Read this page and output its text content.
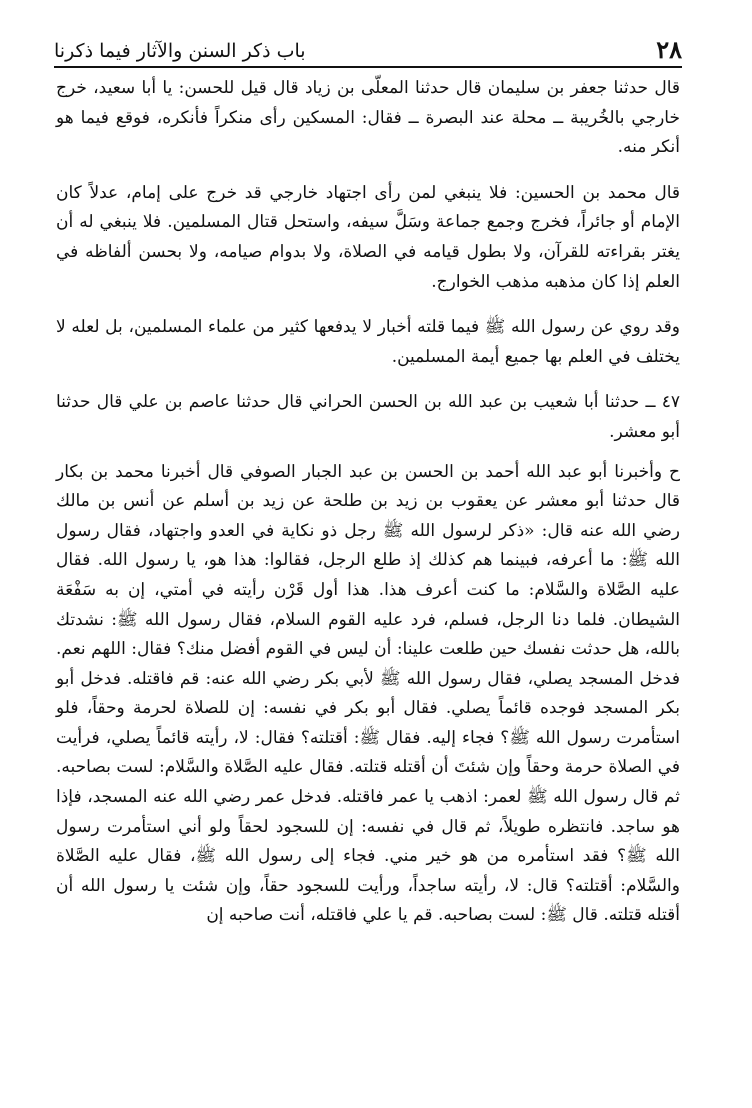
٢٨
باب ذكر السنن والآثار فيما ذكرنا

قال حدثنا جعفر بن سليمان قال حدثنا المعلّى بن زياد قال قيل للحسن: يا أبا سعيد، خرج خارجي بالخُريبة ــ محلة عند البصرة ــ فقال: المسكين رأى منكراً فأنكره، فوقع فيما هو أنكر منه.

قال محمد بن الحسين: فلا ينبغي لمن رأى اجتهاد خارجي قد خرج على إمام، عدلاً كان الإمام أو جائراً، فخرج وجمع جماعة وسَلَّ سيفه، واستحل قتال المسلمين. فلا ينبغي له أن يغتر بقراءته للقرآن، ولا بطول قيامه في الصلاة، ولا بدوام صيامه، ولا بحسن ألفاظه في العلم إذا كان مذهبه مذهب الخوارج.

وقد روي عن رسول الله ﷺ فيما قلته أخبار لا يدفعها كثير من علماء المسلمين، بل لعله لا يختلف في العلم بها جميع أيمة المسلمين.

٤٧ ــ حدثنا أبا شعيب بن عبد الله بن الحسن الحراني قال حدثنا عاصم بن علي قال حدثنا أبو معشر.

ح وأخبرنا أبو عبد الله أحمد بن الحسن بن عبد الجبار الصوفي قال أخبرنا محمد بن بكار قال حدثنا أبو معشر عن يعقوب بن زيد بن طلحة عن زيد بن أسلم عن أنس بن مالك رضي الله عنه قال: «ذكر لرسول الله ﷺ رجل ذو نكاية في العدو واجتهاد، فقال رسول الله ﷺ: ما أعرفه، فبينما هم كذلك إذ طلع الرجل، فقالوا: هذا هو، يا رسول الله. فقال عليه الصَّلاة والسَّلام: ما كنت أعرف هذا. هذا أول قَرْن رأيته في أمتي، إن به سَفْعَة الشيطان. فلما دنا الرجل، فسلم، فرد عليه القوم السلام، فقال رسول الله ﷺ: نشدتك بالله، هل حدثت نفسك حين طلعت علينا: أن ليس في القوم أفضل منك؟ فقال: اللهم نعم. فدخل المسجد يصلي، فقال رسول الله ﷺ لأبي بكر رضي الله عنه: قم فاقتله. فدخل أبو بكر المسجد فوجده قائماً يصلي. فقال أبو بكر في نفسه: إن للصلاة لحرمة وحقاً، فلو استأمرت رسول الله ﷺ؟ فجاء إليه. فقال ﷺ: أقتلته؟ فقال: لا، رأيته قائماً يصلي، فرأيت في الصلاة حرمة وحقاً وإن شئتَ أن أقتله قتلته. فقال عليه الصَّلاة والسَّلام: لست بصاحبه. ثم قال رسول الله ﷺ لعمر: اذهب يا عمر فاقتله. فدخل عمر رضي الله عنه المسجد، فإذا هو ساجد. فانتظره طويلاً، ثم قال في نفسه: إن للسجود لحقاً ولو أني استأمرت رسول الله ﷺ؟ فقد استأمره من هو خير مني. فجاء إلى رسول الله ﷺ، فقال عليه الصَّلاة والسَّلام: أقتلته؟ قال: لا، رأيته ساجداً، ورأيت للسجود حقاً، وإن شئت يا رسول الله أن أقتله قتلته. قال ﷺ: لست بصاحبه. قم يا علي فاقتله، أنت صاحبه إن
